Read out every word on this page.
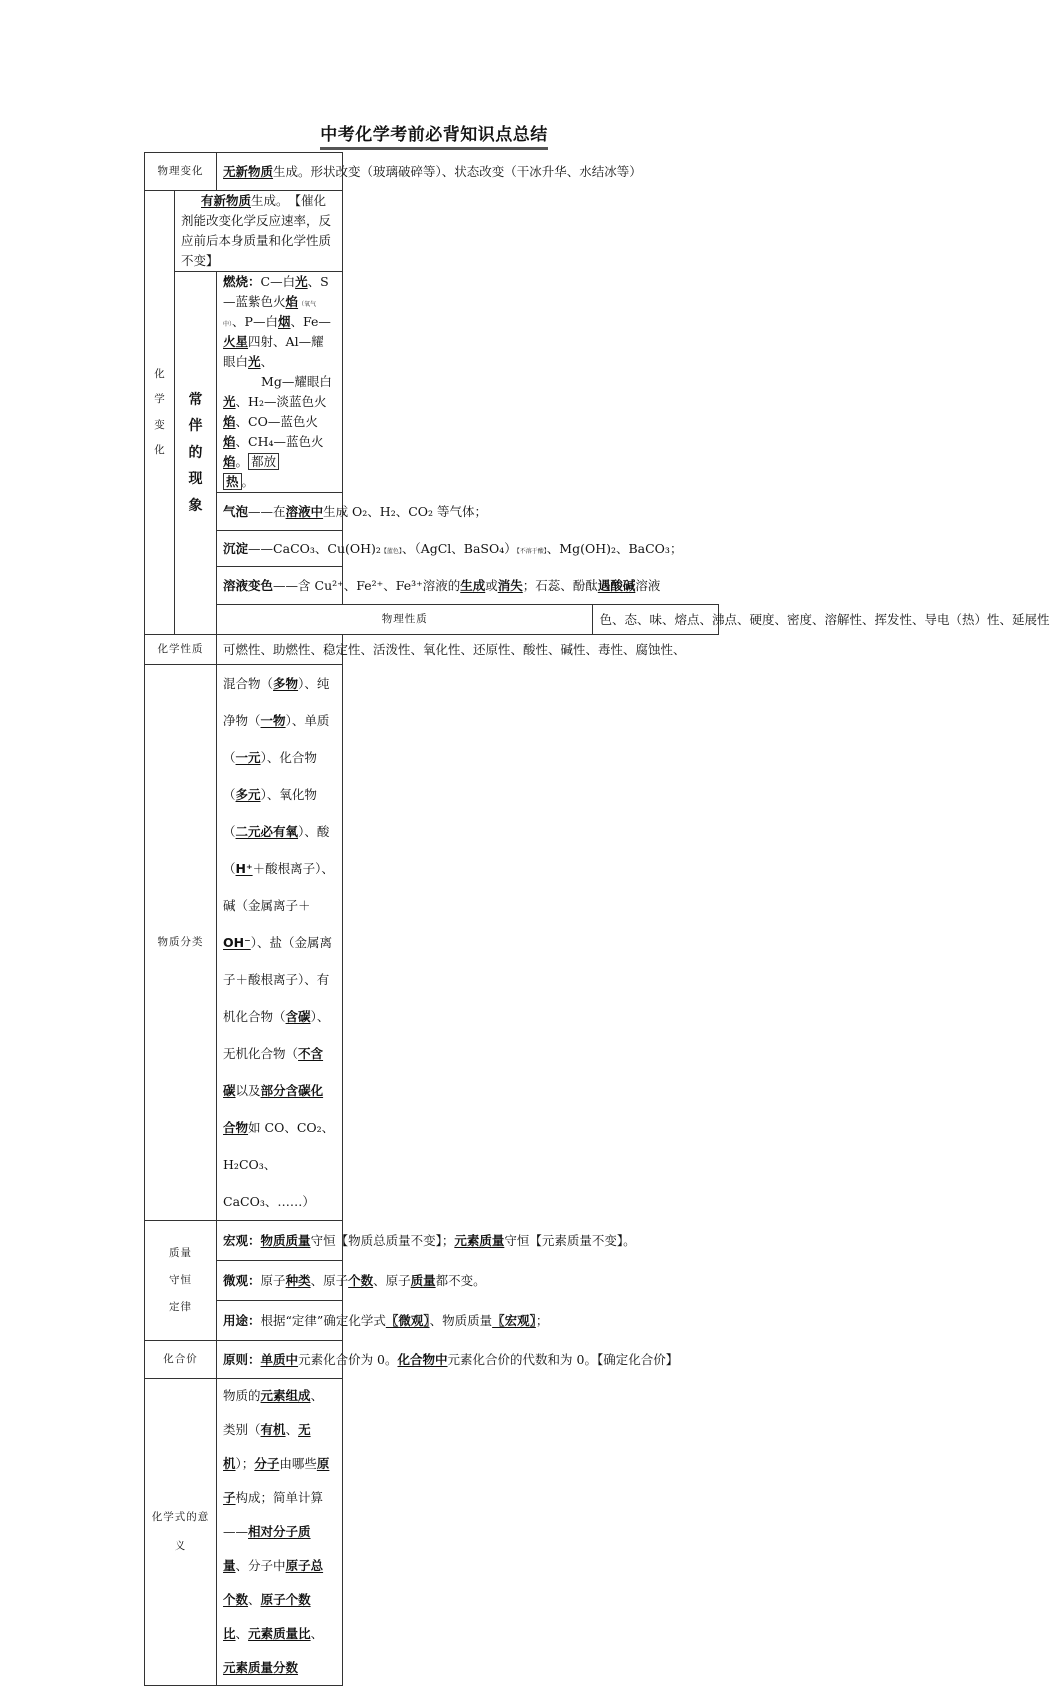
中考化学考前必背知识点总结
物理变化		无新物质生成。形状改变（玻璃破碎等）、状态改变（干冰升华、水结冰等）	
化学变化	有新物质生成。　【催化剂能改变化学反应速率，反应前后本身质量和化学性质不变】		
	常伴的现象	燃烧：C—白光、S—蓝紫色火焰（氧气中）、P—白烟、Fe—火星四射、Al—耀眼白光、
Mg—耀眼白光、H₂—淡蓝色火焰、CO—蓝色火焰、CH₄—蓝色火焰。 都放
热 。	
		气泡——在溶液中生成 O₂、H₂、CO₂ 等气体；	
		沉淀——CaCO₃、Cu(OH)₂【蓝色】、（AgCl、BaSO₄）【不溶于酸】、Mg(OH)₂、BaCO₃；	
		溶液变色——含 Cu²⁺、Fe²⁺、Fe³⁺溶液的生成或消失；石蕊、酚酞遇酸碱溶液	
		物理性质	色、态、味、熔点、沸点、硬度、密度、溶解性、挥发性、导电（热）性、延展性
化学性质		可燃性、助燃性、稳定性、活泼性、氧化性、还原性、酸性、碱性、毒性、腐蚀性、	
物质分类		混合物（多物）、纯净物（一物）、单质（一元）、化合物（多元）、氧化物（二元必有氧）、酸（H⁺＋酸根离子）、碱（金属离子＋OH⁻）、盐（金属离子＋酸根离子）、有机化合物（含碳）、无机化合物（不含碳以及部分含碳化合物如 CO、CO₂、H₂CO₃、CaCO₃、……）	
质量守恒定律		宏观：物质质量守恒【物质总质量不变】；元素质量守恒【元素质量不变】。	
		微观：原子种类、原子个数、原子质量都不变。	
		用途：根据“定律”确定化学式〖微观〗、物质质量〖宏观〗；	
化合价		原则：单质中元素化合价为 0。化合物中元素化合价的代数和为 0。【确定化合价】	
化学式的意义		物质的元素组成、类别（有机、无机）；分子由哪些原子构成；简单计算——相对分子质量、分子中原子总个数、原子个数比、元素质量比、元素质量分数	
